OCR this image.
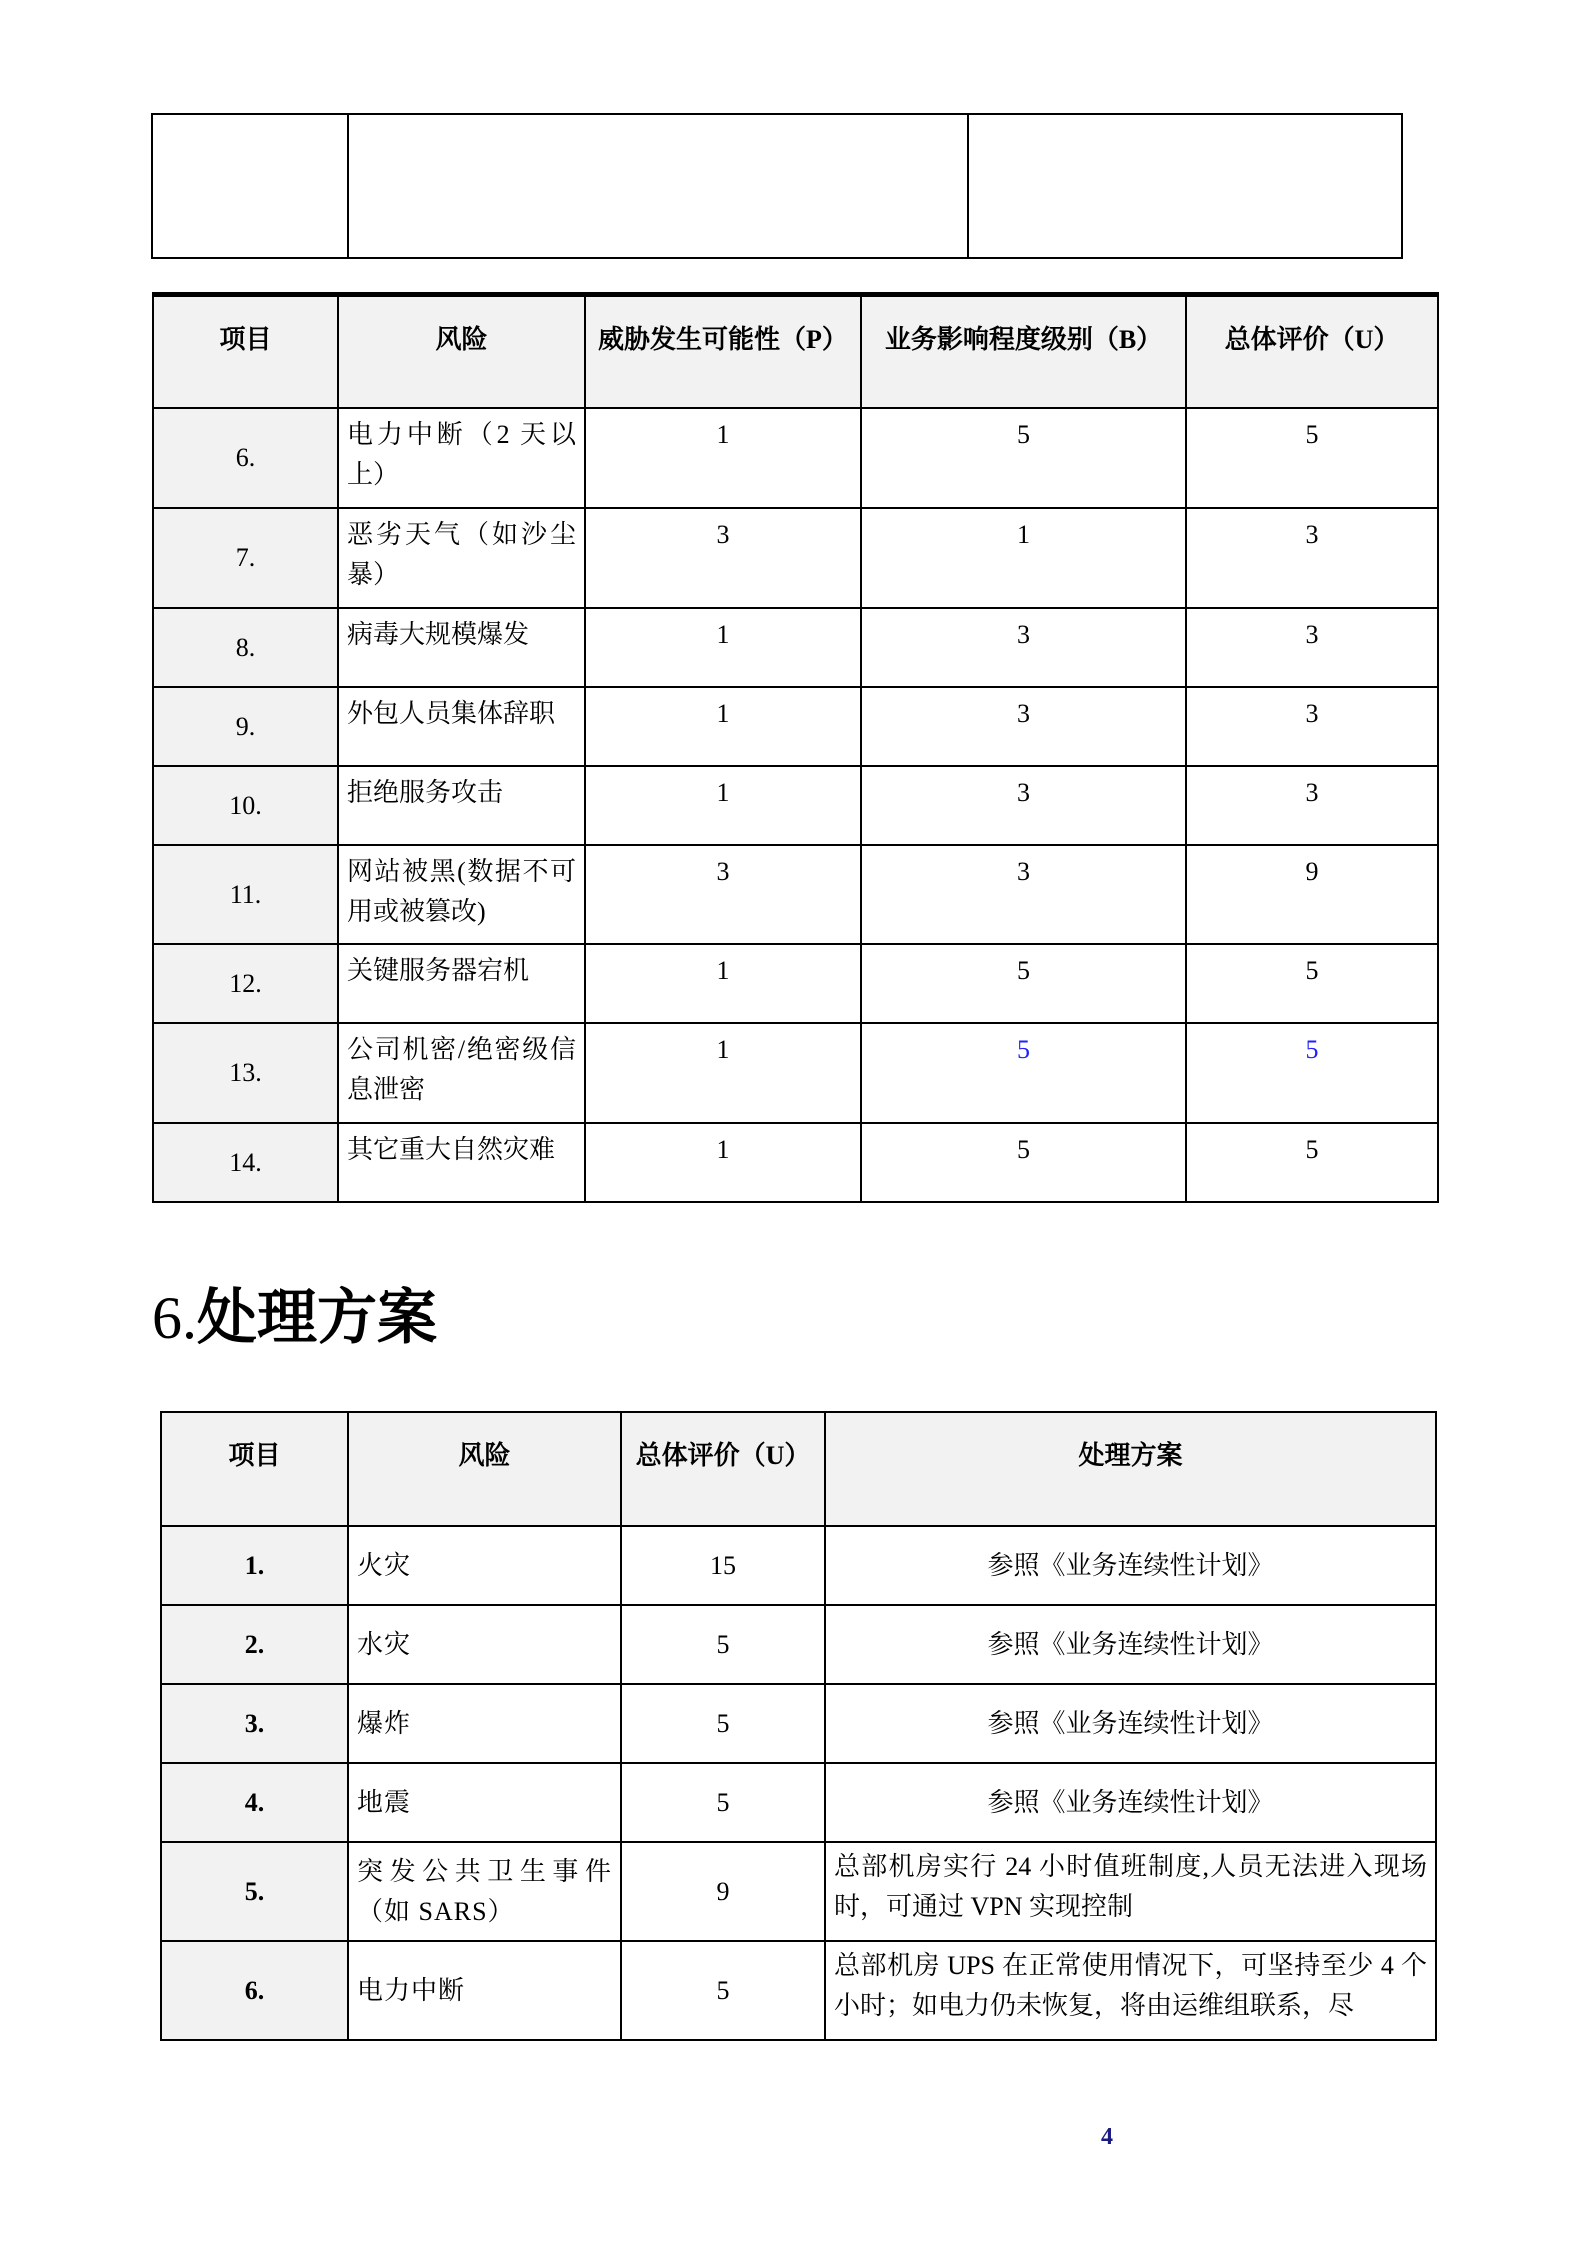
项目	风险	威胁发生可能性（P）	业务影响程度级别（B）	总体评价（U）
6.	电力中断（2 天以上）	1	5	5
7.	恶劣天气（如沙尘暴）	3	1	3
8.	病毒大规模爆发	1	3	3
9.	外包人员集体辞职	1	3	3
10.	拒绝服务攻击	1	3	3
11.	网站被黑(数据不可用或被篡改)	3	3	9
12.	关键服务器宕机	1	5	5
13.	公司机密/绝密级信息泄密	1	5	5
14.	其它重大自然灾难	1	5	5
6.处理方案
项目	风险	总体评价（U）	处理方案
1.	火灾	15	参照《业务连续性计划》
2.	水灾	5	参照《业务连续性计划》
3.	爆炸	5	参照《业务连续性计划》
4.	地震	5	参照《业务连续性计划》
5.	突发公共卫生事件（如 SARS）	9	总部机房实行 24 小时值班制度,人员无法进入现场时，可通过 VPN 实现控制
6.	电力中断	5	总部机房 UPS 在正常使用情况下，可坚持至少 4 个小时；如电力仍未恢复，将由运维组联系，尽
4
